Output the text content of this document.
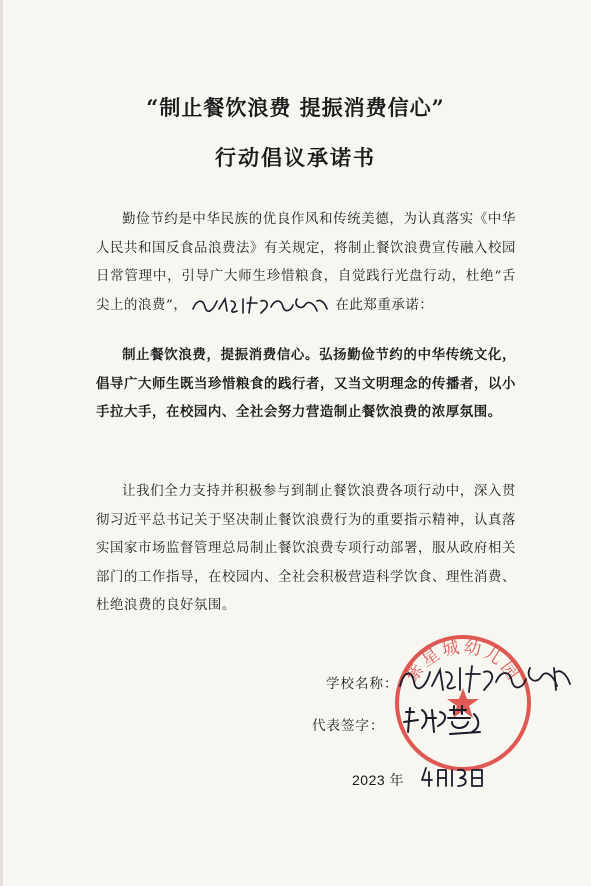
“制止餐饮浪费 提振消费信心”
行动倡议承诺书
勤俭节约是中华民族的优良作风和传统美德，为认真落实《中华人民共和国反食品浪费法》有关规定，将制止餐饮浪费宣传融入校园日常管理中，引导广大师生珍惜粮食，自觉践行光盘行动，杜绝“舌尖上的浪费”，	在此郑重承诺：
制止餐饮浪费，提振消费信心。弘扬勤俭节约的中华传统文化，倡导广大师生既当珍惜粮食的践行者，又当文明理念的传播者，以小手拉大手，在校园内、全社会努力营造制止餐饮浪费的浓厚氛围。
让我们全力支持并积极参与到制止餐饮浪费各项行动中，深入贯彻习近平总书记关于坚决制止餐饮浪费行为的重要指示精神，认真落实国家市场监督管理总局制止餐饮浪费专项行动部署，服从政府相关部门的工作指导，在校园内、全社会积极营造科学饮食、理性消费、杜绝浪费的良好氛围。
紫星城幼儿园
学校名称：
代表签字：
2023 年
